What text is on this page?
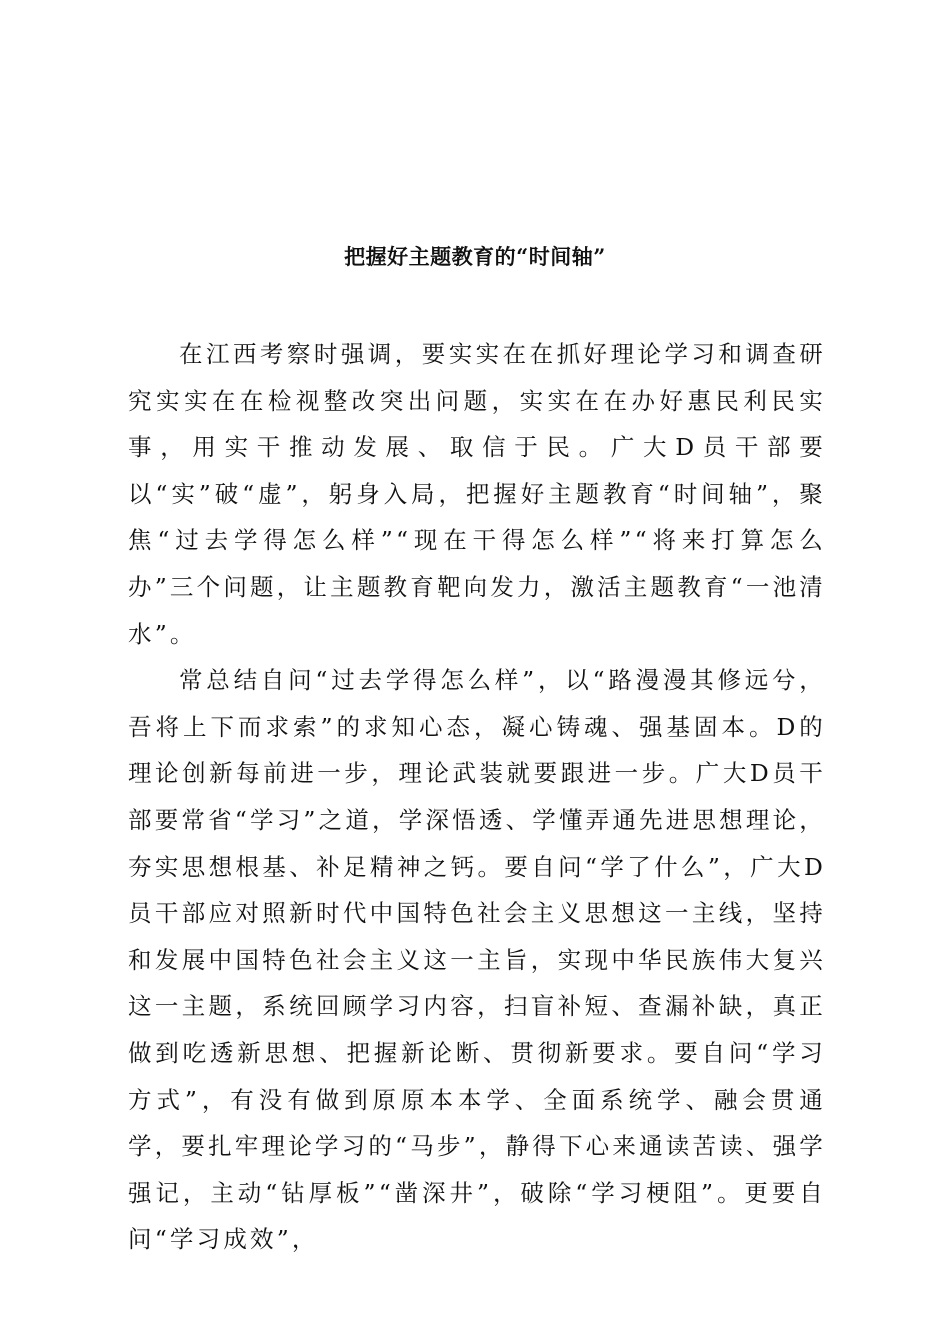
把握好主题教育的“时间轴”

在江西考察时强调，要实实在在抓好理论学习和调查研究实实在在检视整改突出问题，实实在在办好惠民利民实事，用实干推动发展、取信于民。广大D员干部要以“实”破“虚”，躬身入局，把握好主题教育“时间轴”，聚焦“过去学得怎么样”“现在干得怎么样”“将来打算怎么办”三个问题，让主题教育靶向发力，激活主题教育“一池清水”。

常总结自问“过去学得怎么样”，以“路漫漫其修远兮，吾将上下而求索”的求知心态，凝心铸魂、强基固本。D的理论创新每前进一步，理论武装就要跟进一步。广大D员干部要常省“学习”之道，学深悟透、学懂弄通先进思想理论，夯实思想根基、补足精神之钙。要自问“学了什么”，广大D员干部应对照新时代中国特色社会主义思想这一主线，坚持和发展中国特色社会主义这一主旨，实现中华民族伟大复兴这一主题，系统回顾学习内容，扫盲补短、查漏补缺，真正做到吃透新思想、把握新论断、贯彻新要求。要自问“学习方式”，有没有做到原原本本学、全面系统学、融会贯通学，要扎牢理论学习的“马步”，静得下心来通读苦读、强学强记，主动“钻厚板”“凿深井”，破除“学习梗阻”。更要自问“学习成效”，
